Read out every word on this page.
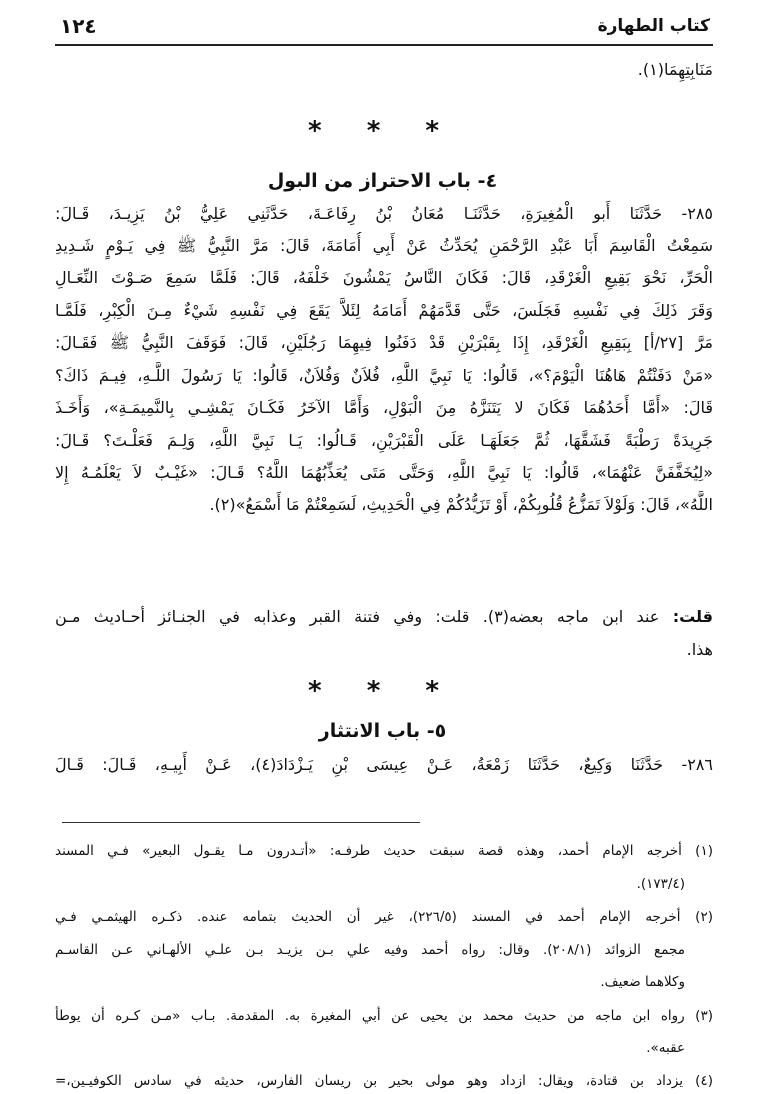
كتاب الطهارة
١٢٤
مَنَابِتِهِمَا(١).
* * *
٤- باب الاحتراز من البول
٢٨٥- حَدَّثَنَا أَبو الْمُغِيرَةِ، حَدَّثَنَـا مُعَانُ بْنُ رِفَاعَـةَ، حَدَّثَنِي عَلِيُّ بْنُ يَزِيـدَ، قَـالَ:
سَمِعْتُ الْقَاسِمَ أَبَا عَبْدِ الرَّحْمَنِ يُحَدِّثُ عَنْ أَبِي أُمَامَةَ، قَالَ: مَرَّ النَّبِيُّ ﷺ فِي يَـوْمٍ شَـدِيدِ
الْحَرِّ، نَحْوَ بَقِيعِ الْغَرْقَدِ، قَالَ: فَكَانَ النَّاسُ يَمْشُونَ خَلْفَهُ، قَالَ: فَلَمَّا سَمِعَ صَـوْتَ النِّعَـالِ
وَقَرَ ذَلِكَ فِي نَفْسِهِ فَجَلَسَ، حَتَّى قَدَّمَهُمْ أَمَامَهُ لِئَلاَّ يَقَعَ فِي نَفْسِهِ شَيْءٌ مِـنَ الْكِبْرِ، فَلَمَّـا
مَرَّ [٢٧/أ] بِبَقِيعِ الْغَرْقَدِ، إِذَا بِقَبْرَيْنِ قَدْ دَفَنُوا فِيهِمَا رَجُلَيْنِ، قَالَ: فَوَقَفَ النَّبِيُّ ﷺ فَقَـالَ:
«مَنْ دَفَنْتُمْ هَاهُنَا الْيَوْمَ؟»، قَالُوا: يَا نَبِيَّ اللَّهِ، فُلاَنٌ وَفُلاَنٌ، قَالُوا: يَا رَسُولَ اللَّـهِ، فِيـمَ ذَاكَ؟
قَالَ: «أَمَّا أَحَدُهُمَا فَكَانَ لا يَتَنَزَّهُ مِنَ الْبَوْلِ، وَأَمَّا الآخَرُ فَكَـانَ يَمْشِـي بِالنَّمِيمَـةِ»، وَأَخَـذَ
جَرِيدَةً رَطْبَةً فَشَقَّهَا، ثُمَّ جَعَلَهَـا عَلَى الْقَبْرَيْنِ، قَـالُوا: يَـا نَبِيَّ اللَّهِ، وَلِـمَ فَعَلْـتَ؟ قَـالَ:
«لِيُخَفَّفَنَّ عَنْهُمَا»، قَالُوا: يَا نَبِيَّ اللَّهِ، وَحَتَّى مَتَى يُعَذِّبُهُمَا اللَّهُ؟ قَـالَ: «غَيْـبٌ لاَ يَعْلَمُـهُ إِلا
اللَّهُ»، قَالَ: وَلَوْلاَ تَمَزُّعُ قُلُوبِكُمْ، أَوْ تَزَيُّدُكُمْ فِي الْحَدِيثِ، لَسَمِعْتُمْ مَا أَسْمَعُ»(٢).
قلت: عند ابن ماجه بعضه(٣). قلت: وفي فتنة القبر وعذابه في الجنـائز أحـاديث مـن
هذا.
* * *
٥- باب الانتثار
٢٨٦- حَدَّثَنَا وَكِيعٌ، حَدَّثَنَا زَمْعَةُ، عَـنْ عِيسَى بْنِ يَـزْدَادَ(٤)، عَـنْ أَبِيـهِ، قَـالَ: قَـالَ
(١) أخرجه الإمام أحمد، وهذه قصة سبقت حديث طرفـه: «أتـدرون مـا يقـول البعير» فـي المسند
(١٧٣/٤).
(٢) أخرجه الإمام أحمد في المسند (٢٢٦/٥)، غير أن الحديث بتمامه عنده. ذكـره الهيثمـي فـي
مجمع الزوائد (٢٠٨/١). وقال: رواه أحمد وفيه علي بـن يزيـد بـن علـي الألهـاني عـن القاسـم
وكلاهما ضعيف.
(٣) رواه ابن ماجه من حديث محمد بن يحيى عن أبي المغيرة به. المقدمة. بـاب «مـن كـره أن يوطأ
عقبه».
(٤) يزداد بن قتادة، ويقال: ازداد وهو مولى بحير بن ريسان الفارس، حديثه في سادس الكوفيـين،=
